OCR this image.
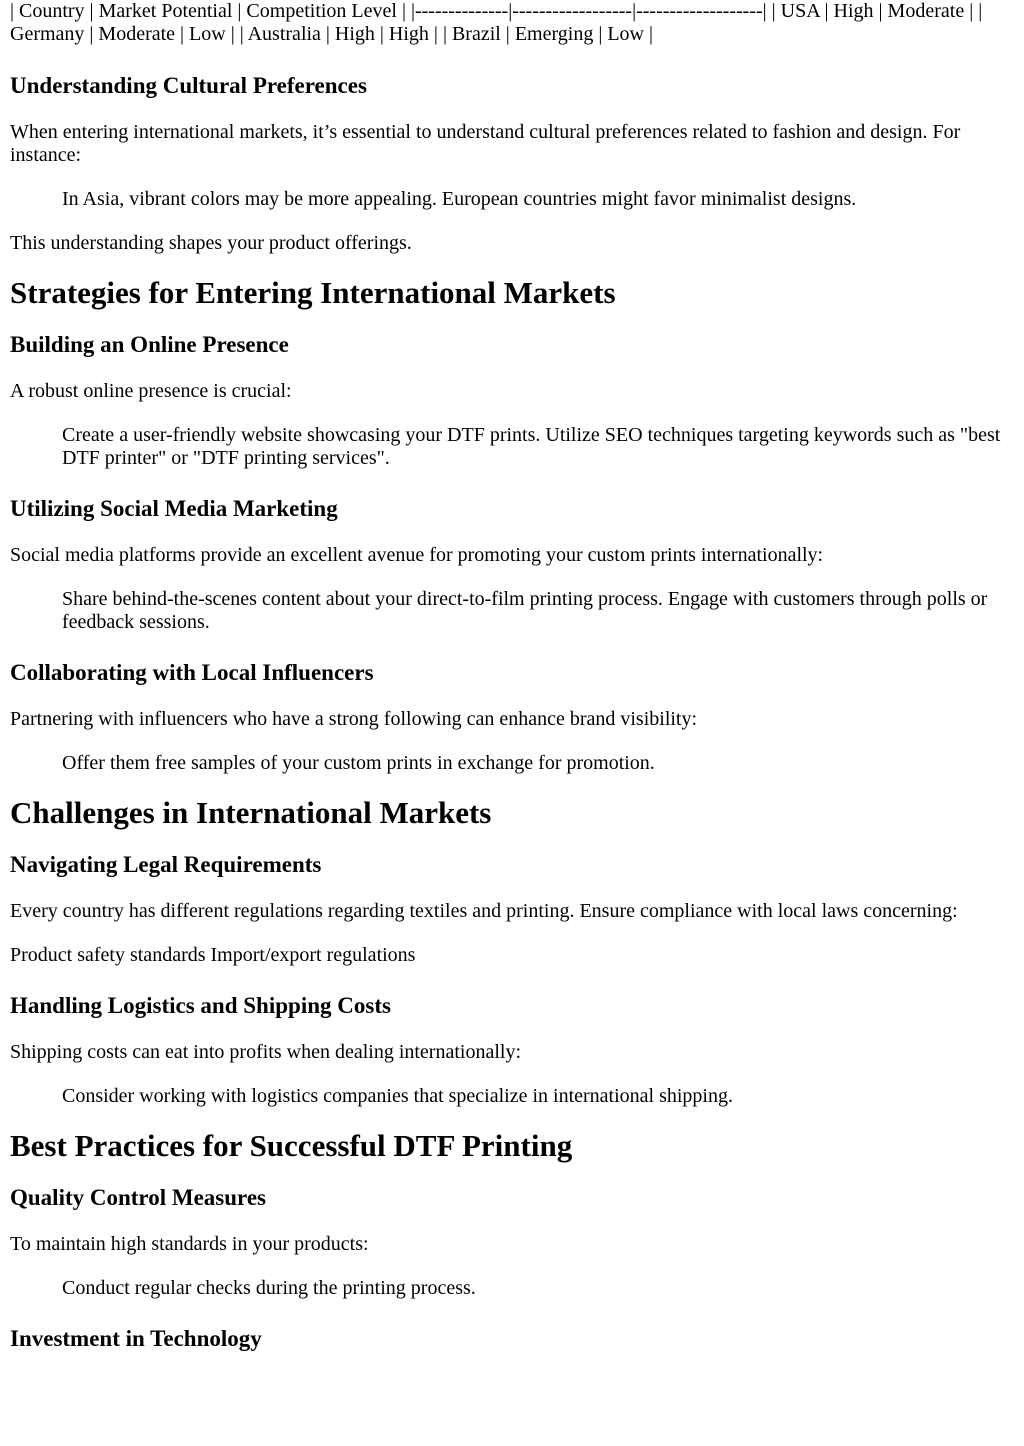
| Country | Market Potential | Competition Level | |--------------|------------------|-------------------| | USA | High | Moderate | | Germany | Moderate | Low | | Australia | High | High | | Brazil | Emerging | Low |

Understanding Cultural Preferences

When entering international markets, it’s essential to understand cultural preferences related to fashion and design. For instance:

In Asia, vibrant colors may be more appealing. European countries might favor minimalist designs.

This understanding shapes your product offerings.

Strategies for Entering International Markets
Building an Online Presence

A robust online presence is crucial:

Create a user-friendly website showcasing your DTF prints. Utilize SEO techniques targeting keywords such as "best DTF printer" or "DTF printing services".

Utilizing Social Media Marketing

Social media platforms provide an excellent avenue for promoting your custom prints internationally:

Share behind-the-scenes content about your direct-to-film printing process. Engage with customers through polls or feedback sessions.

Collaborating with Local Influencers

Partnering with influencers who have a strong following can enhance brand visibility:

Offer them free samples of your custom prints in exchange for promotion.

Challenges in International Markets
Navigating Legal Requirements

Every country has different regulations regarding textiles and printing. Ensure compliance with local laws concerning:

Product safety standards Import/export regulations

Handling Logistics and Shipping Costs

Shipping costs can eat into profits when dealing internationally:

Consider working with logistics companies that specialize in international shipping.

Best Practices for Successful DTF Printing
Quality Control Measures

To maintain high standards in your products:

Conduct regular checks during the printing process.

Investment in Technology
